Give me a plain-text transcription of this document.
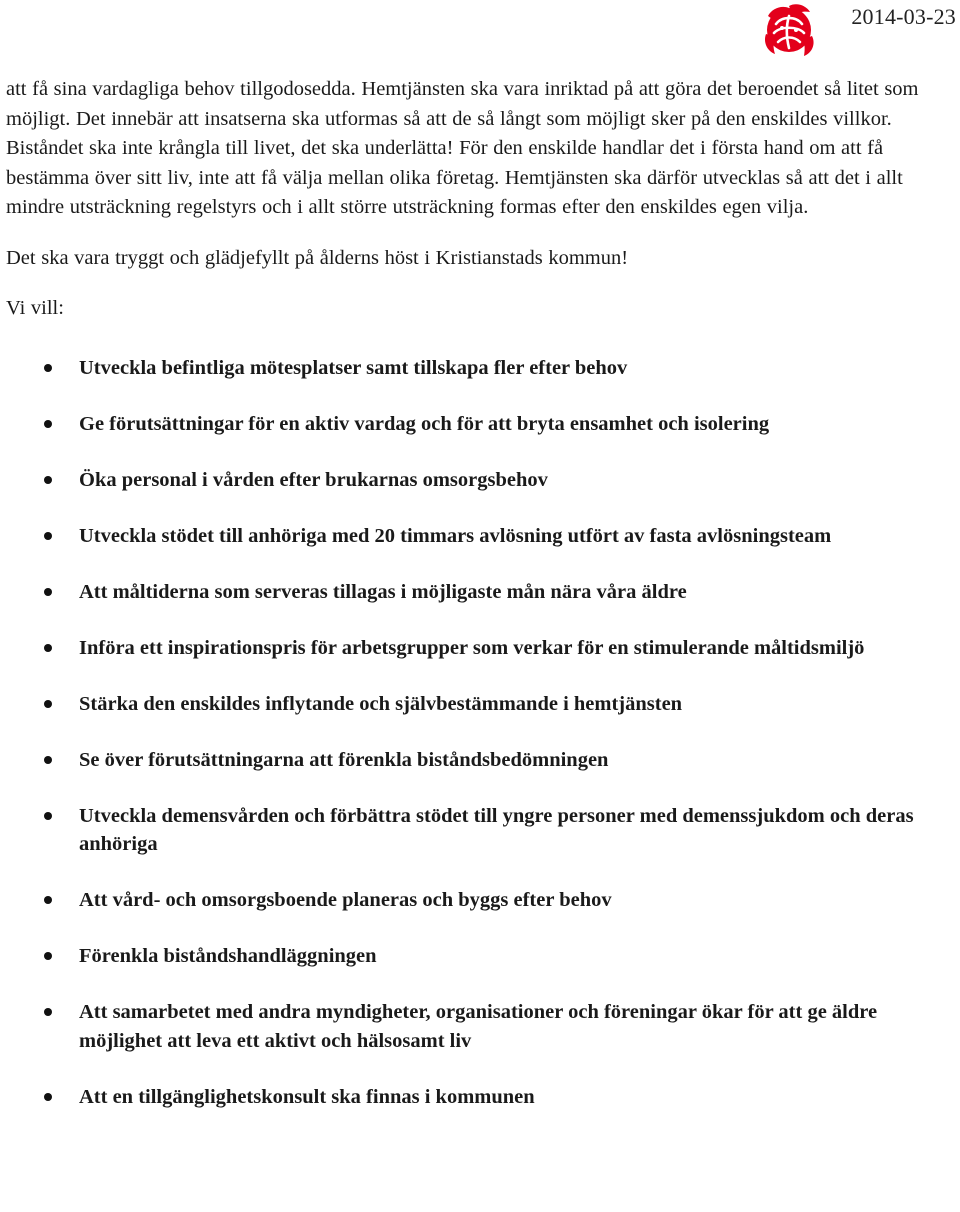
2014-03-23

att få sina vardagliga behov tillgodosedda. Hemtjänsten ska vara inriktad på att göra det beroendet så litet som möjligt. Det innebär att insatserna ska utformas så att de så långt som möjligt sker på den enskildes villkor. Biståndet ska inte krångla till livet, det ska underlätta! För den enskilde handlar det i första hand om att få bestämma över sitt liv, inte att få välja mellan olika företag. Hemtjänsten ska därför utvecklas så att det i allt mindre utsträckning regelstyrs och i allt större utsträckning formas efter den enskildes egen vilja.

Det ska vara tryggt och glädjefyllt på ålderns höst i Kristianstads kommun!

Vi vill:

Utveckla befintliga mötesplatser samt tillskapa fler efter behov
Ge förutsättningar för en aktiv vardag och för att bryta ensamhet och isolering
Öka personal i vården efter brukarnas omsorgsbehov
Utveckla stödet till anhöriga med 20 timmars avlösning utfört av fasta avlösningsteam
Att måltiderna som serveras tillagas i möjligaste mån nära våra äldre
Införa ett inspirationspris för arbetsgrupper som verkar för en stimulerande måltidsmiljö
Stärka den enskildes inflytande och självbestämmande i hemtjänsten
Se över förutsättningarna att förenkla biståndsbedömningen
Utveckla demensvården och förbättra stödet till yngre personer med demenssjukdom och deras anhöriga
Att vård- och omsorgsboende planeras och byggs efter behov
Förenkla biståndshandläggningen
Att samarbetet med andra myndigheter, organisationer och föreningar ökar för att ge äldre möjlighet att leva ett aktivt och hälsosamt liv
Att en tillgänglighetskonsult ska finnas i kommunen
